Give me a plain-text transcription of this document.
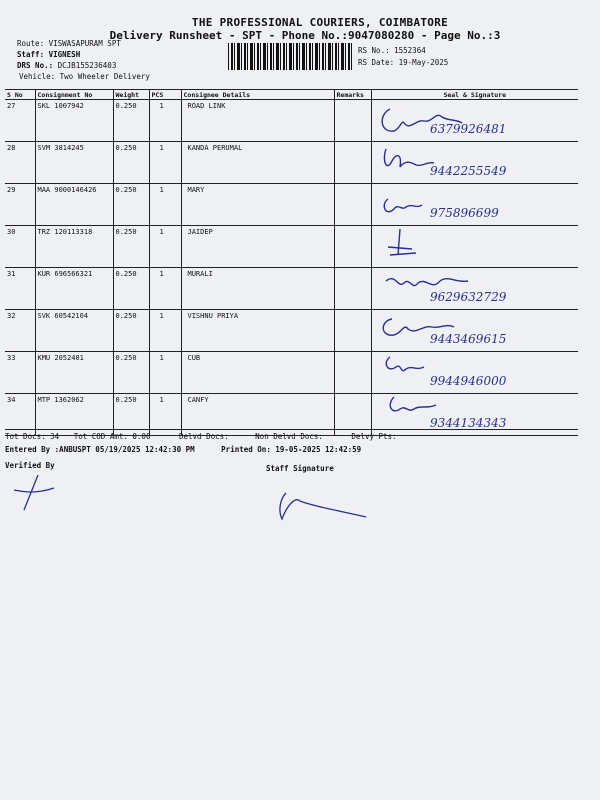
THE PROFESSIONAL COURIERS, COIMBATORE
Delivery Runsheet - SPT - Phone No.:9047080280 - Page No.:3
Route: VISWASAPURAM SPT
Staff: VIGNESH
DRS No.: DCJB155236403
Vehicle: Two Wheeler Delivery
RS No.: 1552364
RS Date: 19-May-2025
S No	Consignment No	Weight	PCS	Consignee Details	Remarks	Seal & Signature
27	SKL 1007942	0.250	1	ROAD LINK		6379926481

28	SVM 3814245	0.250	1	KANDA PERUMAL		9442255549

29	MAA 9000146426	0.250	1	MARY		975896699

30	TRZ 120113318	0.250	1	JAIDEP		

31	KUR 696566321	0.250	1	MURALI		9629632729

32	SVK 60542104	0.250	1	VISHNU PRIYA		9443469615

33	KMU 2052401	0.250	1	CUB		9944946000

34	MTP 1362062	0.250	1	CANFY		9344134343
Tot Docs: 34 Tot COD Amt: 0.00	Delvd Docs:	Non Delvd Docs:	Delvy Pts:
Entered By :ANBUSPT 05/19/2025 12:42:30 PM	Printed On: 19-05-2025 12:42:59
Verified By	Staff Signature
